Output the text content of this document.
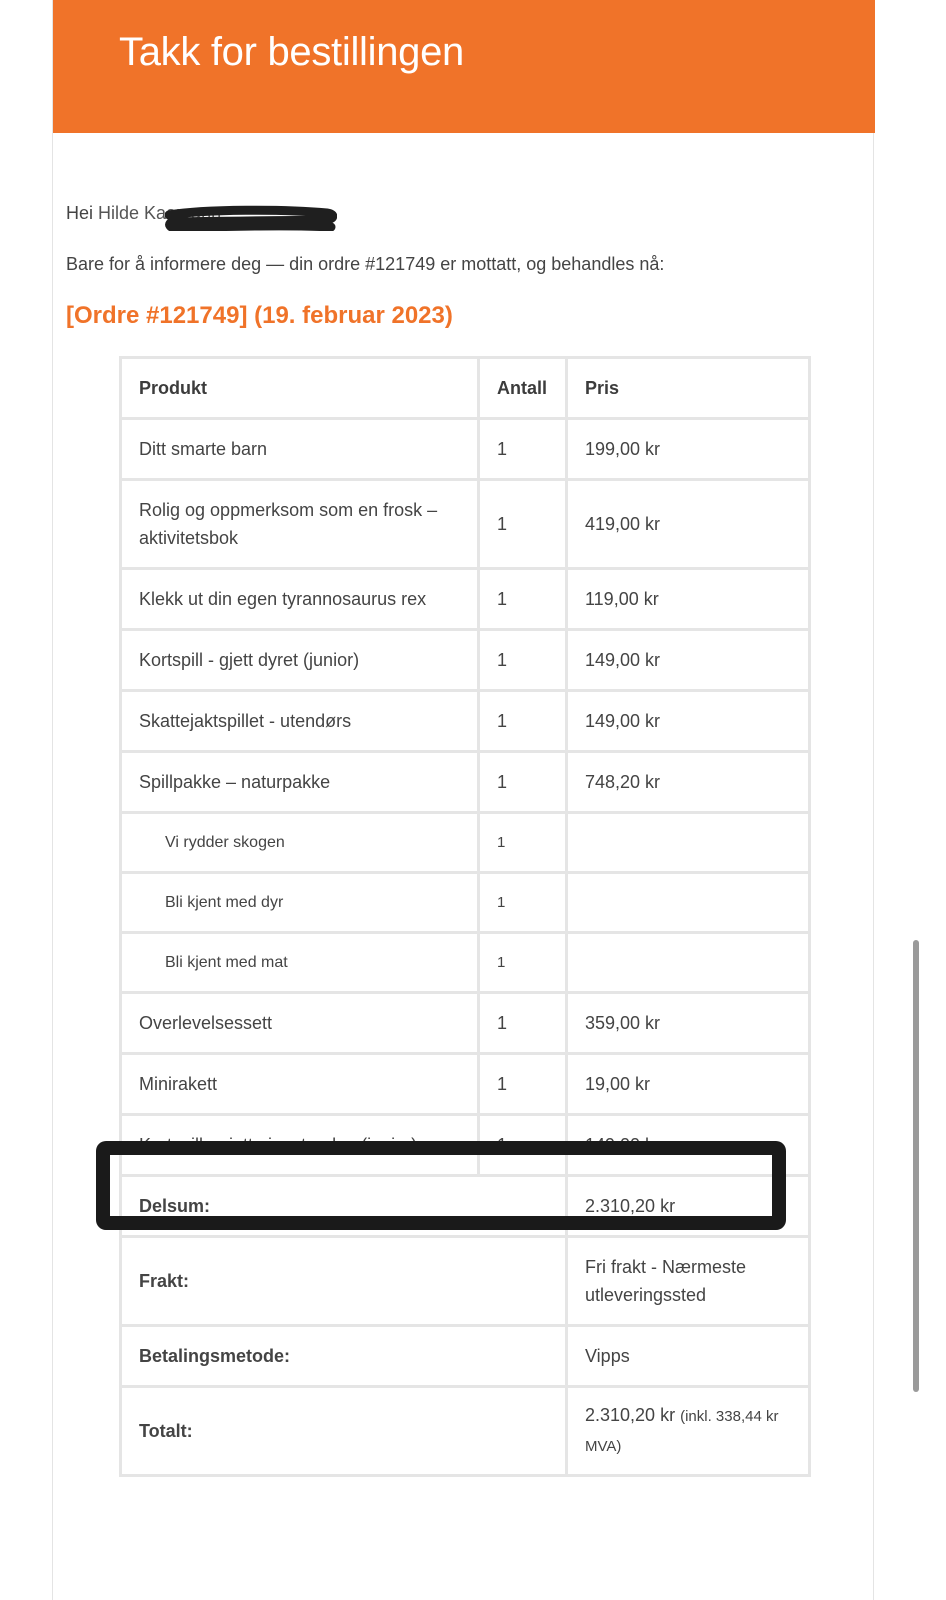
Takk for bestillingen
Hei Hilde Kaarvann,
Bare for å informere deg — din ordre #121749 er mottatt, og behandles nå:
[Ordre #121749] (19. februar 2023)
Produkt	Antall	Pris
Ditt smarte barn	1	199,00 kr
Rolig og oppmerksom som en frosk – aktivitetsbok	1	419,00 kr
Klekk ut din egen tyrannosaurus rex	1	119,00 kr
Kortspill - gjett dyret (junior)	1	149,00 kr
Skattejaktspillet - utendørs	1	149,00 kr
Spillpakke – naturpakke	1	748,20 kr
Vi rydder skogen	1	
Bli kjent med dyr	1	
Bli kjent med mat	1	
Overlevelsessett	1	359,00 kr
Minirakett	1	19,00 kr
Kortspill - gjett gjenstanden (junior)	1	149,00 kr
Delsum:		2.310,20 kr
Frakt:		Fri frakt - Nærmeste utleveringssted
Betalingsmetode:		Vipps
Totalt:		2.310,20 kr (inkl. 338,44 kr MVA)
